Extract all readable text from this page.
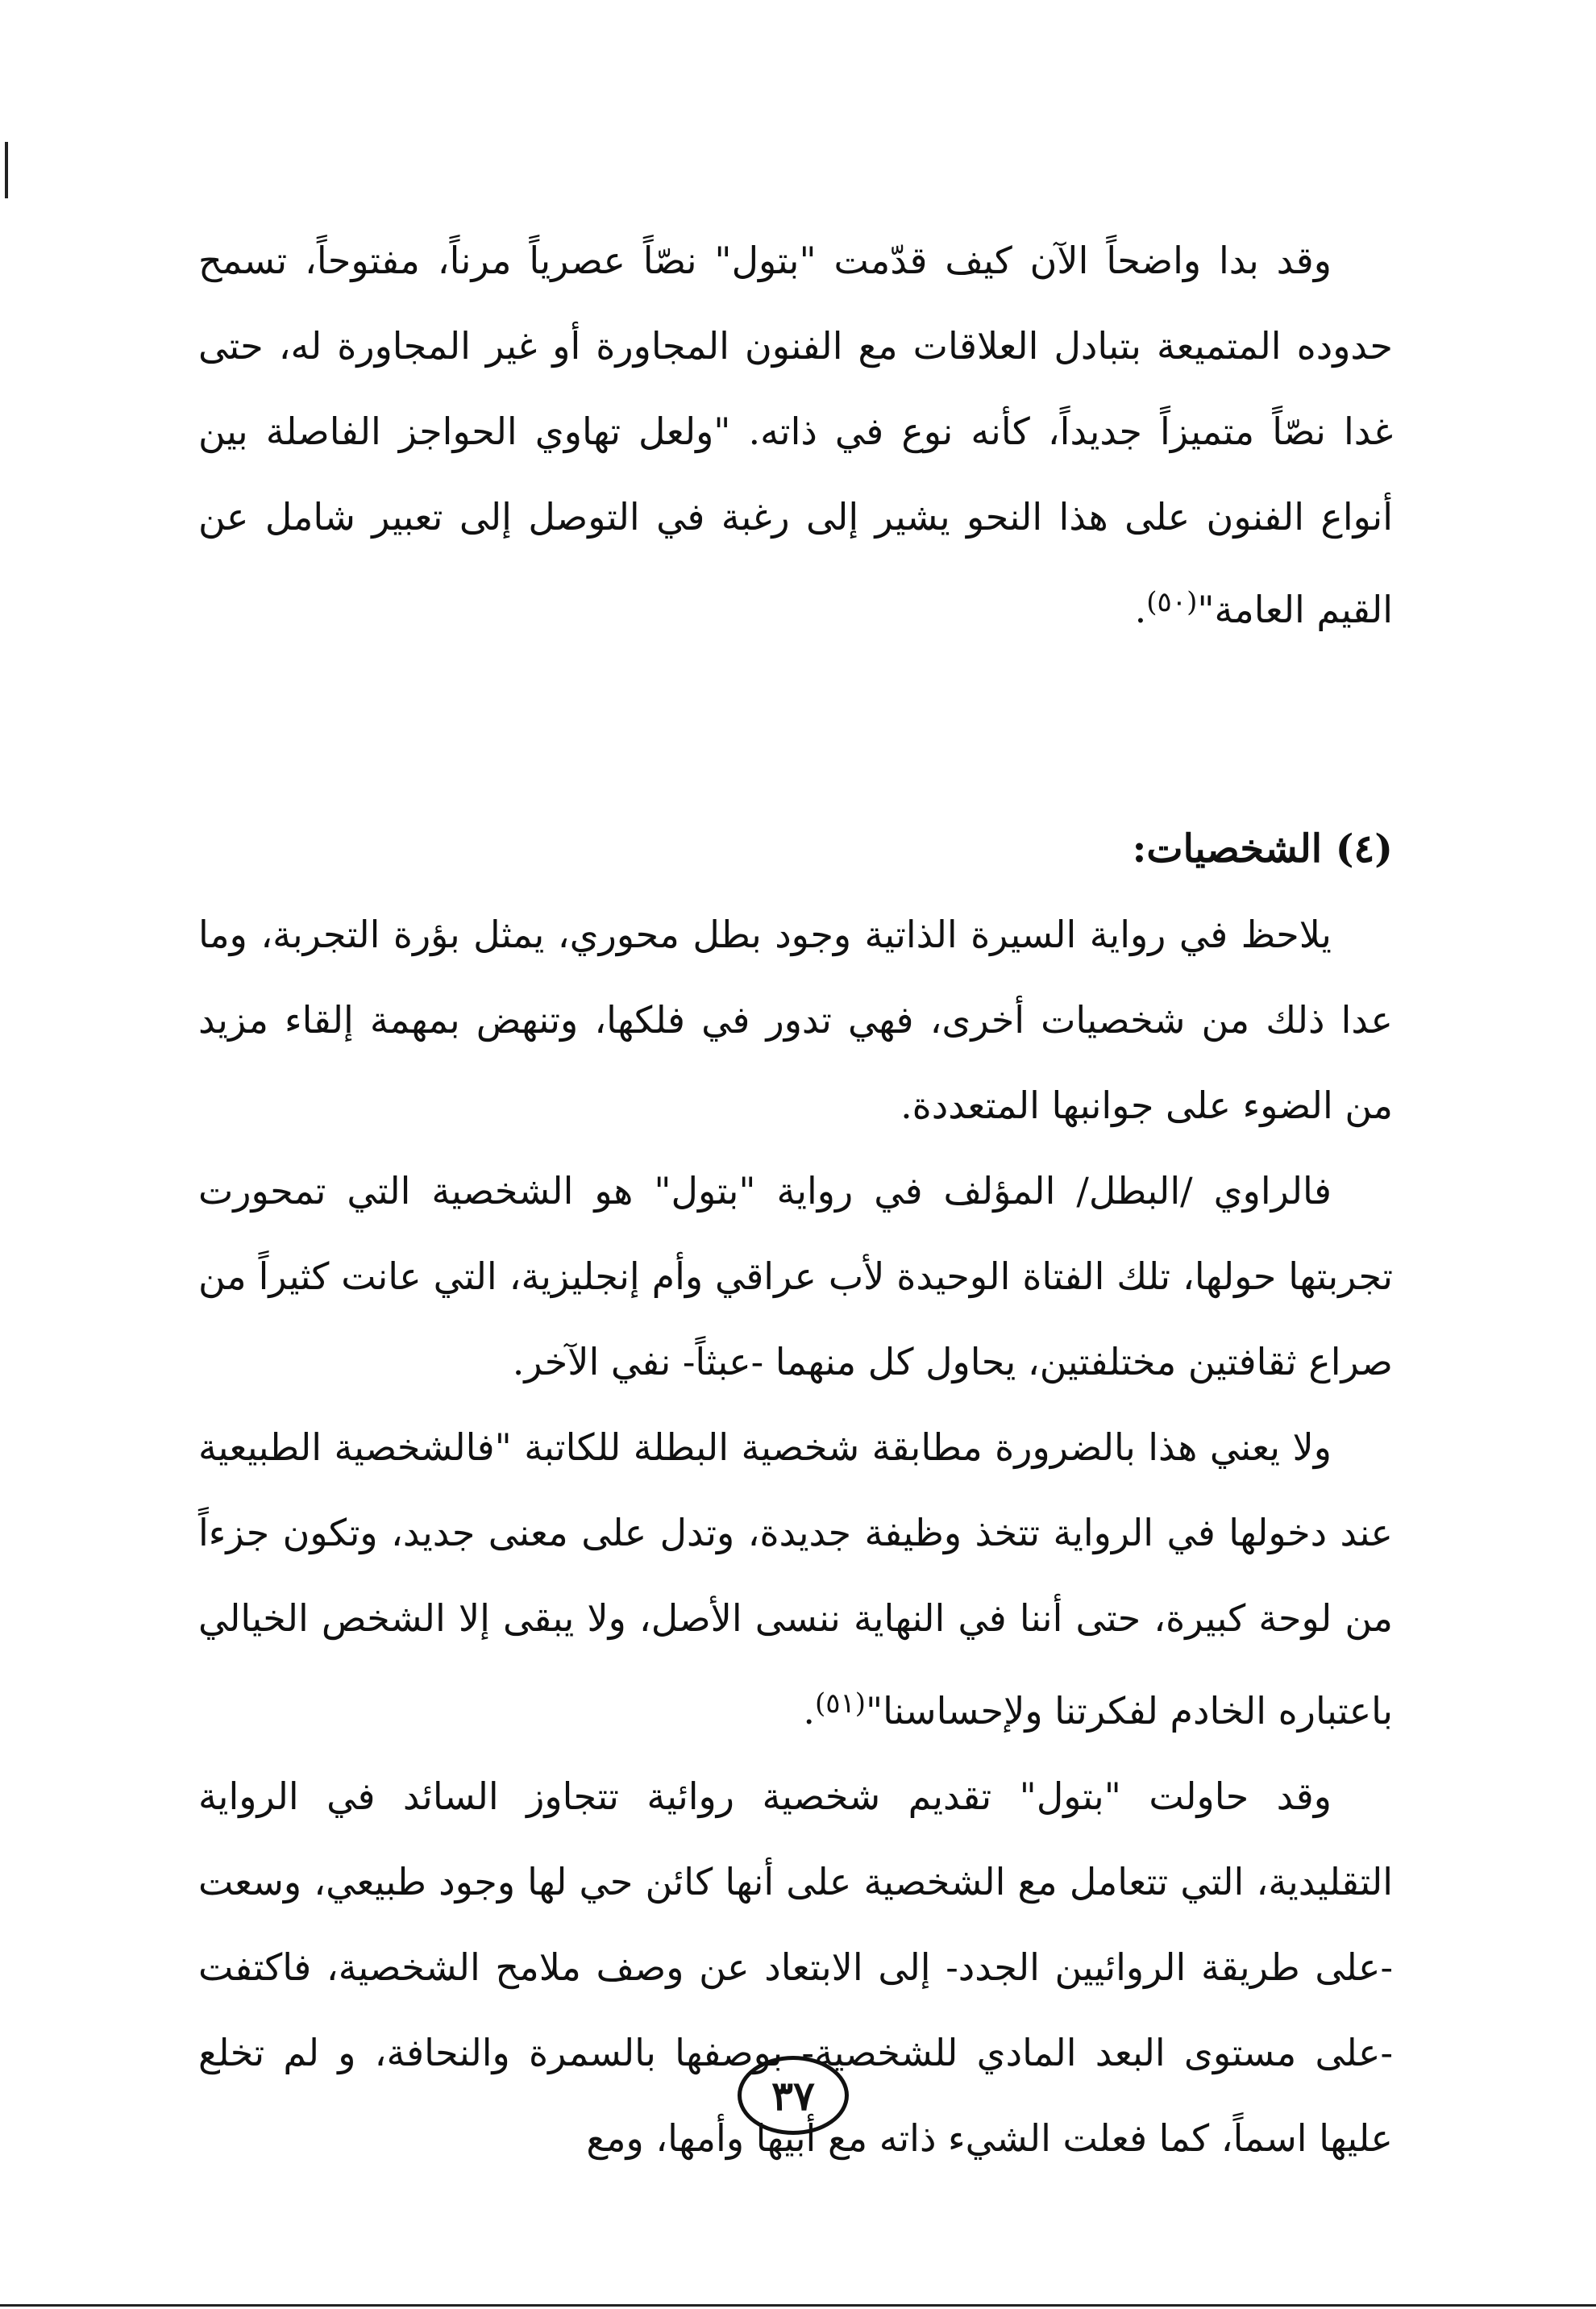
وقد بدا واضحاً الآن كيف قدّمت "بتول" نصّاً عصرياً مرناً، مفتوحاً، تسمح حدوده المتميعة بتبادل العلاقات مع الفنون المجاورة أو غير المجاورة له، حتى غدا نصّاً متميزاً جديداً، كأنه نوع في ذاته. "ولعل تهاوي الحواجز الفاصلة بين أنواع الفنون على هذا النحو يشير إلى رغبة في التوصل إلى تعبير شامل عن القيم العامة"$^{(٥٠)}$.

(٤) الشخصيات:

يلاحظ في رواية السيرة الذاتية وجود بطل محوري، يمثل بؤرة التجربة، وما عدا ذلك من شخصيات أخرى، فهي تدور في فلكها، وتنهض بمهمة إلقاء مزيد من الضوء على جوانبها المتعددة.

فالراوي /البطل/ المؤلف في رواية "بتول" هو الشخصية التي تمحورت تجربتها حولها، تلك الفتاة الوحيدة لأب عراقي وأم إنجليزية، التي عانت كثيراً من صراع ثقافتين مختلفتين، يحاول كل منهما -عبثاً- نفي الآخر.

ولا يعني هذا بالضرورة مطابقة شخصية البطلة للكاتبة "فالشخصية الطبيعية عند دخولها في الرواية تتخذ وظيفة جديدة، وتدل على معنى جديد، وتكون جزءاً من لوحة كبيرة، حتى أننا في النهاية ننسى الأصل، ولا يبقى إلا الشخص الخيالي باعتباره الخادم لفكرتنا ولإحساسنا"$^{(٥١)}$.

وقد حاولت "بتول" تقديم شخصية روائية تتجاوز السائد في الرواية التقليدية، التي تتعامل مع الشخصية على أنها كائن حي لها وجود طبيعي، وسعت -على طريقة الروائيين الجدد- إلى الابتعاد عن وصف ملامح الشخصية، فاكتفت -على مستوى البعد المادي للشخصية- بوصفها بالسمرة والنحافة، و لم تخلع عليها اسماً، كما فعلت الشيء ذاته مع أبيها وأمها، ومع

٣٧
